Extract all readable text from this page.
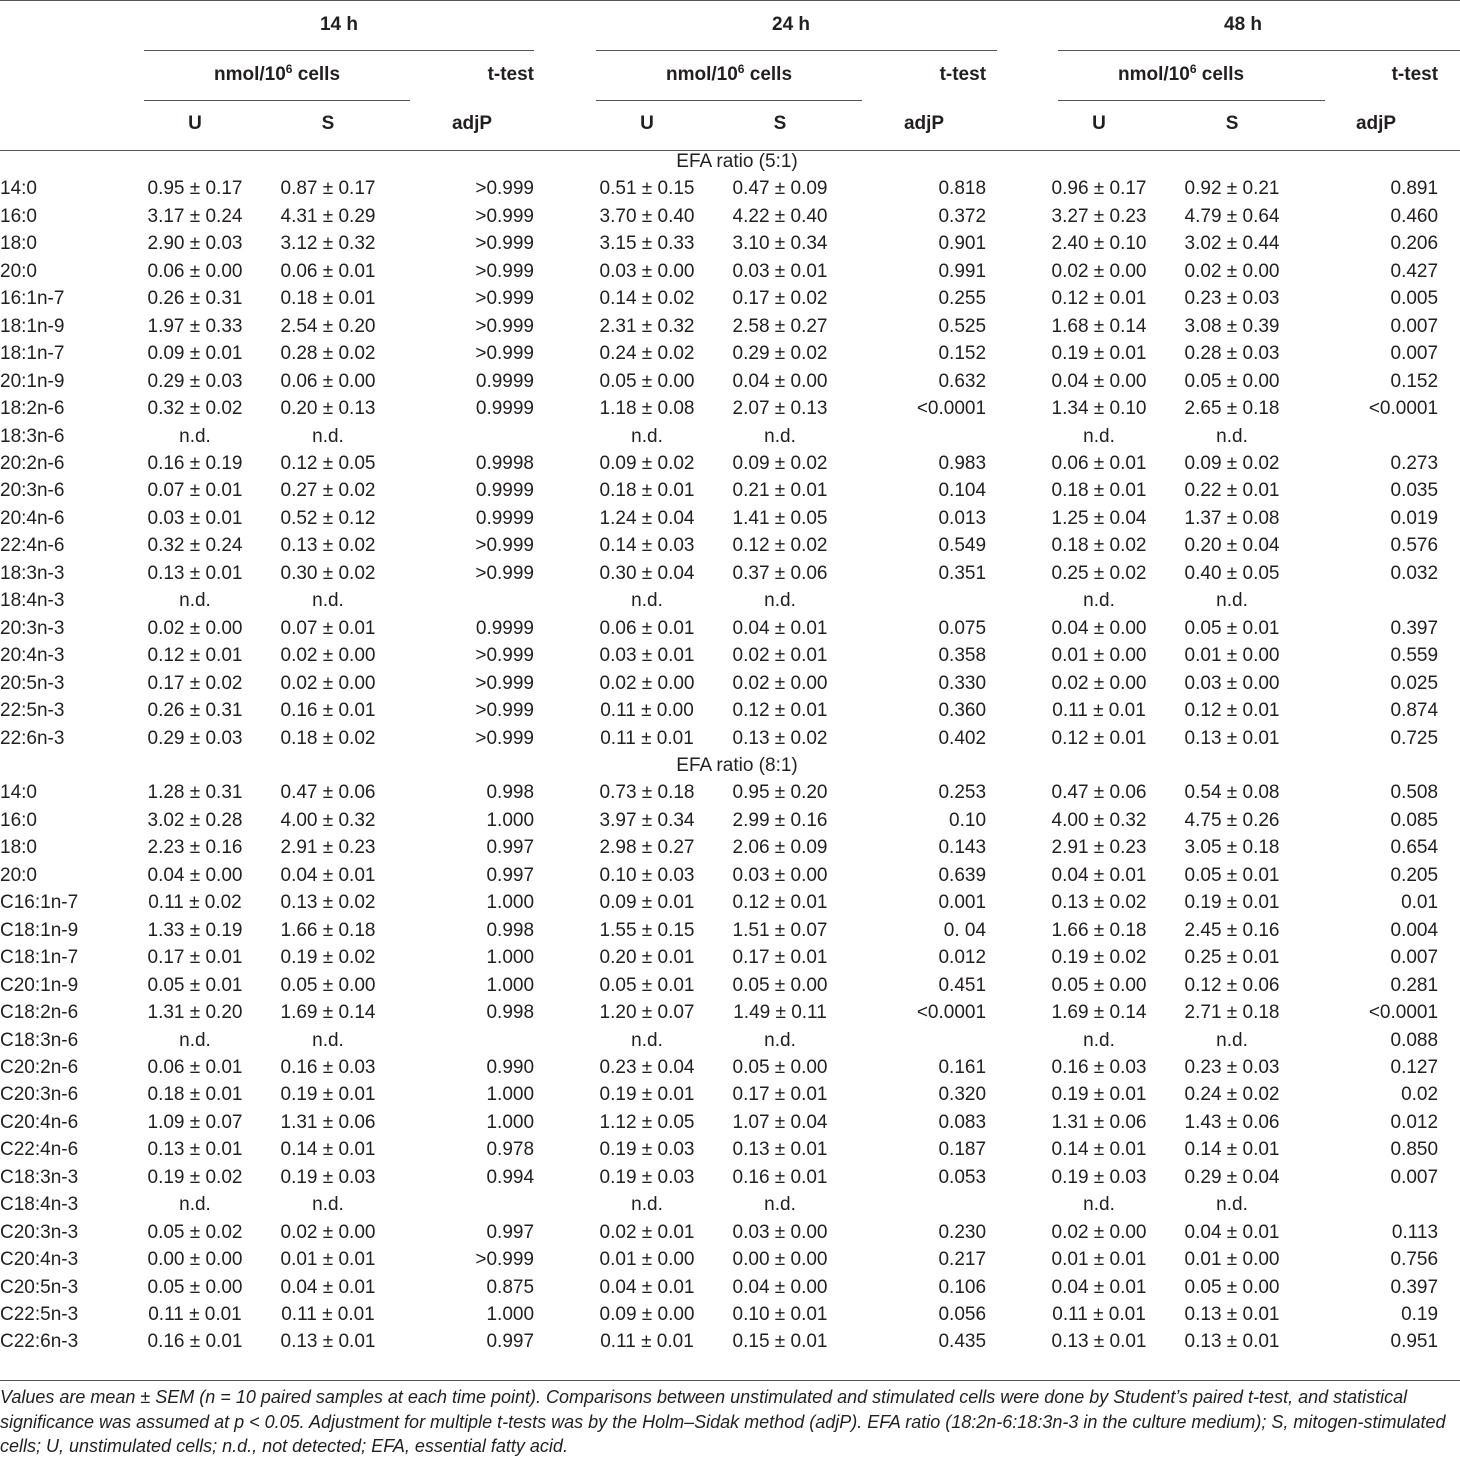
	14 h				24 h				48 h			
	nmol/$10^6$ cells		t-test		nmol/$10^6$ cells		t-test		nmol/$10^6$ cells		t-test	
	U	S	adjP		U	S	adjP		U	S	adjP	
	EFA ratio (5:1)											
14:0	0.95 ± 0.17	0.87 ± 0.17	>0.999		0.51 ± 0.15	0.47 ± 0.09	0.818		0.96 ± 0.17	0.92 ± 0.21	0.891	
16:0	3.17 ± 0.24	4.31 ± 0.29	>0.999		3.70 ± 0.40	4.22 ± 0.40	0.372		3.27 ± 0.23	4.79 ± 0.64	0.460	
18:0	2.90 ± 0.03	3.12 ± 0.32	>0.999		3.15 ± 0.33	3.10 ± 0.34	0.901		2.40 ± 0.10	3.02 ± 0.44	0.206	
20:0	0.06 ± 0.00	0.06 ± 0.01	>0.999		0.03 ± 0.00	0.03 ± 0.01	0.991		0.02 ± 0.00	0.02 ± 0.00	0.427	
16:1n-7	0.26 ± 0.31	0.18 ± 0.01	>0.999		0.14 ± 0.02	0.17 ± 0.02	0.255		0.12 ± 0.01	0.23 ± 0.03	0.005	
18:1n-9	1.97 ± 0.33	2.54 ± 0.20	>0.999		2.31 ± 0.32	2.58 ± 0.27	0.525		1.68 ± 0.14	3.08 ± 0.39	0.007	
18:1n-7	0.09 ± 0.01	0.28 ± 0.02	>0.999		0.24 ± 0.02	0.29 ± 0.02	0.152		0.19 ± 0.01	0.28 ± 0.03	0.007	
20:1n-9	0.29 ± 0.03	0.06 ± 0.00	0.9999		0.05 ± 0.00	0.04 ± 0.00	0.632		0.04 ± 0.00	0.05 ± 0.00	0.152	
18:2n-6	0.32 ± 0.02	0.20 ± 0.13	0.9999		1.18 ± 0.08	2.07 ± 0.13	<0.0001		1.34 ± 0.10	2.65 ± 0.18	<0.0001	
18:3n-6	n.d.	n.d.			n.d.	n.d.			n.d.	n.d.		
20:2n-6	0.16 ± 0.19	0.12 ± 0.05	0.9998		0.09 ± 0.02	0.09 ± 0.02	0.983		0.06 ± 0.01	0.09 ± 0.02	0.273	
20:3n-6	0.07 ± 0.01	0.27 ± 0.02	0.9999		0.18 ± 0.01	0.21 ± 0.01	0.104		0.18 ± 0.01	0.22 ± 0.01	0.035	
20:4n-6	0.03 ± 0.01	0.52 ± 0.12	0.9999		1.24 ± 0.04	1.41 ± 0.05	0.013		1.25 ± 0.04	1.37 ± 0.08	0.019	
22:4n-6	0.32 ± 0.24	0.13 ± 0.02	>0.999		0.14 ± 0.03	0.12 ± 0.02	0.549		0.18 ± 0.02	0.20 ± 0.04	0.576	
18:3n-3	0.13 ± 0.01	0.30 ± 0.02	>0.999		0.30 ± 0.04	0.37 ± 0.06	0.351		0.25 ± 0.02	0.40 ± 0.05	0.032	
18:4n-3	n.d.	n.d.			n.d.	n.d.			n.d.	n.d.		
20:3n-3	0.02 ± 0.00	0.07 ± 0.01	0.9999		0.06 ± 0.01	0.04 ± 0.01	0.075		0.04 ± 0.00	0.05 ± 0.01	0.397	
20:4n-3	0.12 ± 0.01	0.02 ± 0.00	>0.999		0.03 ± 0.01	0.02 ± 0.01	0.358		0.01 ± 0.00	0.01 ± 0.00	0.559	
20:5n-3	0.17 ± 0.02	0.02 ± 0.00	>0.999		0.02 ± 0.00	0.02 ± 0.00	0.330		0.02 ± 0.00	0.03 ± 0.00	0.025	
22:5n-3	0.26 ± 0.31	0.16 ± 0.01	>0.999		0.11 ± 0.00	0.12 ± 0.01	0.360		0.11 ± 0.01	0.12 ± 0.01	0.874	
22:6n-3	0.29 ± 0.03	0.18 ± 0.02	>0.999		0.11 ± 0.01	0.13 ± 0.02	0.402		0.12 ± 0.01	0.13 ± 0.01	0.725	
	EFA ratio (8:1)											
14:0	1.28 ± 0.31	0.47 ± 0.06	0.998		0.73 ± 0.18	0.95 ± 0.20	0.253		0.47 ± 0.06	0.54 ± 0.08	0.508	
16:0	3.02 ± 0.28	4.00 ± 0.32	1.000		3.97 ± 0.34	2.99 ± 0.16	0.10		4.00 ± 0.32	4.75 ± 0.26	0.085	
18:0	2.23 ± 0.16	2.91 ± 0.23	0.997		2.98 ± 0.27	2.06 ± 0.09	0.143		2.91 ± 0.23	3.05 ± 0.18	0.654	
20:0	0.04 ± 0.00	0.04 ± 0.01	0.997		0.10 ± 0.03	0.03 ± 0.00	0.639		0.04 ± 0.01	0.05 ± 0.01	0.205	
C16:1n-7	0.11 ± 0.02	0.13 ± 0.02	1.000		0.09 ± 0.01	0.12 ± 0.01	0.001		0.13 ± 0.02	0.19 ± 0.01	0.01	
C18:1n-9	1.33 ± 0.19	1.66 ± 0.18	0.998		1.55 ± 0.15	1.51 ± 0.07	0. 04		1.66 ± 0.18	2.45 ± 0.16	0.004	
C18:1n-7	0.17 ± 0.01	0.19 ± 0.02	1.000		0.20 ± 0.01	0.17 ± 0.01	0.012		0.19 ± 0.02	0.25 ± 0.01	0.007	
C20:1n-9	0.05 ± 0.01	0.05 ± 0.00	1.000		0.05 ± 0.01	0.05 ± 0.00	0.451		0.05 ± 0.00	0.12 ± 0.06	0.281	
C18:2n-6	1.31 ± 0.20	1.69 ± 0.14	0.998		1.20 ± 0.07	1.49 ± 0.11	<0.0001		1.69 ± 0.14	2.71 ± 0.18	<0.0001	
C18:3n-6	n.d.	n.d.			n.d.	n.d.			n.d.	n.d.	0.088	
C20:2n-6	0.06 ± 0.01	0.16 ± 0.03	0.990		0.23 ± 0.04	0.05 ± 0.00	0.161		0.16 ± 0.03	0.23 ± 0.03	0.127	
C20:3n-6	0.18 ± 0.01	0.19 ± 0.01	1.000		0.19 ± 0.01	0.17 ± 0.01	0.320		0.19 ± 0.01	0.24 ± 0.02	0.02	
C20:4n-6	1.09 ± 0.07	1.31 ± 0.06	1.000		1.12 ± 0.05	1.07 ± 0.04	0.083		1.31 ± 0.06	1.43 ± 0.06	0.012	
C22:4n-6	0.13 ± 0.01	0.14 ± 0.01	0.978		0.19 ± 0.03	0.13 ± 0.01	0.187		0.14 ± 0.01	0.14 ± 0.01	0.850	
C18:3n-3	0.19 ± 0.02	0.19 ± 0.03	0.994		0.19 ± 0.03	0.16 ± 0.01	0.053		0.19 ± 0.03	0.29 ± 0.04	0.007	
C18:4n-3	n.d.	n.d.			n.d.	n.d.			n.d.	n.d.		
C20:3n-3	0.05 ± 0.02	0.02 ± 0.00	0.997		0.02 ± 0.01	0.03 ± 0.00	0.230		0.02 ± 0.00	0.04 ± 0.01	0.113	
C20:4n-3	0.00 ± 0.00	0.01 ± 0.01	>0.999		0.01 ± 0.00	0.00 ± 0.00	0.217		0.01 ± 0.01	0.01 ± 0.00	0.756	
C20:5n-3	0.05 ± 0.00	0.04 ± 0.01	0.875		0.04 ± 0.01	0.04 ± 0.00	0.106		0.04 ± 0.01	0.05 ± 0.00	0.397	
C22:5n-3	0.11 ± 0.01	0.11 ± 0.01	1.000		0.09 ± 0.00	0.10 ± 0.01	0.056		0.11 ± 0.01	0.13 ± 0.01	0.19	
C22:6n-3	0.16 ± 0.01	0.13 ± 0.01	0.997		0.11 ± 0.01	0.15 ± 0.01	0.435		0.13 ± 0.01	0.13 ± 0.01	0.951	
Values are mean ± SEM (n = 10 paired samples at each time point). Comparisons between unstimulated and stimulated cells were done by Student’s paired t-test, and statistical significance was assumed at p < 0.05. Adjustment for multiple t-tests was by the Holm–Sidak method (adjP). EFA ratio (18:2n-6:18:3n-3 in the culture medium); S, mitogen-stimulated cells; U, unstimulated cells; n.d., not detected; EFA, essential fatty acid.
